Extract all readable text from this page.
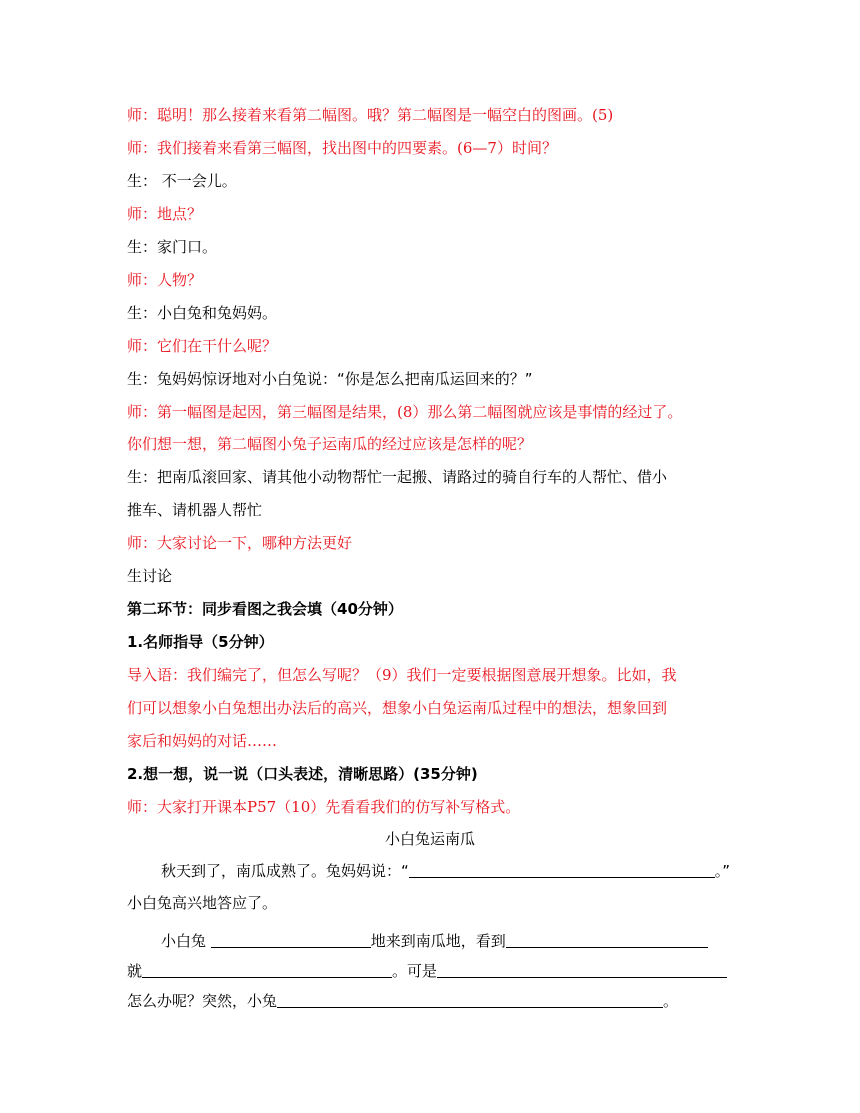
师：聪明！那么接着来看第二幅图。哦？第二幅图是一幅空白的图画。(5)
师：我们接着来看第三幅图，找出图中的四要素。(6—7）时间？
生： 不一会儿。
师：地点？
生：家门口。
师：人物？
生：小白兔和兔妈妈。
师：它们在干什么呢？
生：兔妈妈惊讶地对小白兔说：“你是怎么把南瓜运回来的？”
师：第一幅图是起因，第三幅图是结果，(8）那么第二幅图就应该是事情的经过了。
你们想一想，第二幅图小兔子运南瓜的经过应该是怎样的呢？
生：把南瓜滚回家、请其他小动物帮忙一起搬、请路过的骑自行车的人帮忙、借小
推车、请机器人帮忙
师：大家讨论一下，哪种方法更好
生讨论
第二环节：同步看图之我会填（40分钟）
1.名师指导（5分钟）
导入语：我们编完了，但怎么写呢？（9）我们一定要根据图意展开想象。比如，我
们可以想象小白兔想出办法后的高兴，想象小白兔运南瓜过程中的想法，想象回到
家后和妈妈的对话……
2.想一想，说一说（口头表述，清晰思路）(35分钟)
师：大家打开课本P57（10）先看看我们的仿写补写格式。
小白兔运南瓜
秋天到了，南瓜成熟了。兔妈妈说：“	。”
小白兔高兴地答应了。
小白兔	地来到南瓜地，看到
就	。可是
怎么办呢？突然，小兔	。
